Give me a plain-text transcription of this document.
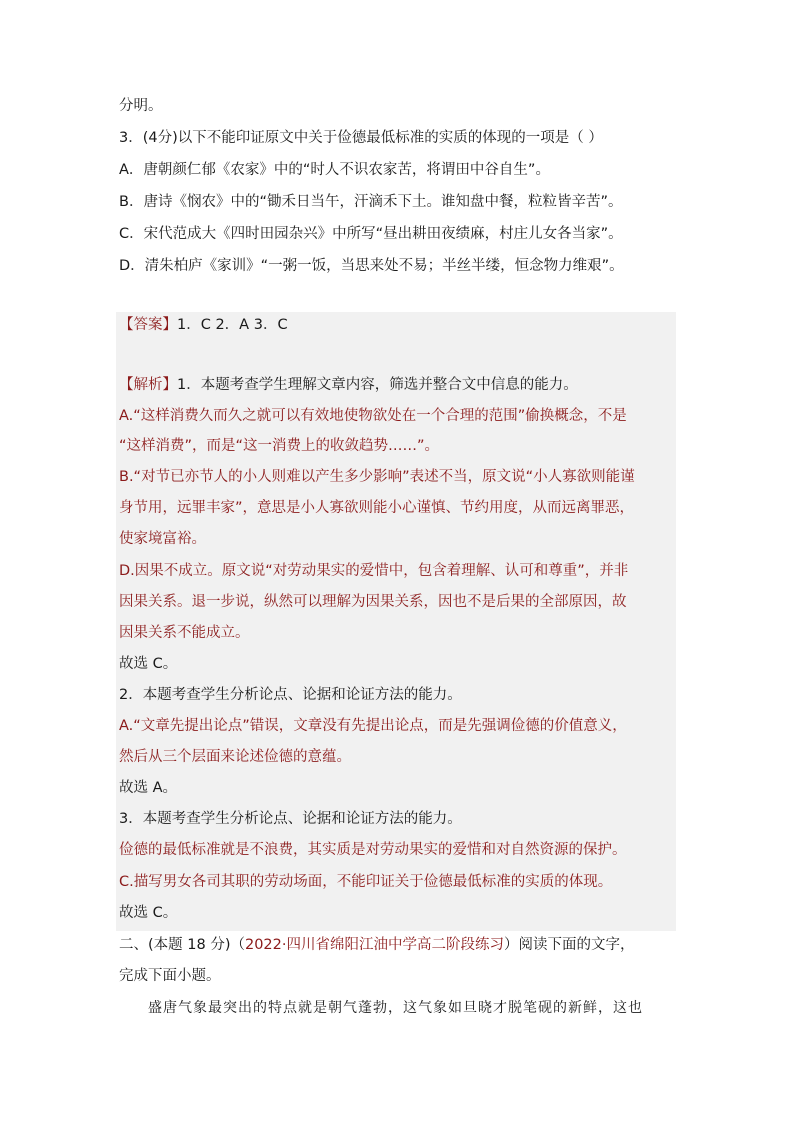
分明。
3．(4分)以下不能印证原文中关于俭德最低标准的实质的体现的一项是（ ）
A．唐朝颜仁郁《农家》中的“时人不识农家苦，将谓田中谷自生”。
B．唐诗《悯农》中的“锄禾日当午，汗滴禾下土。谁知盘中餐，粒粒皆辛苦”。
C．宋代范成大《四时田园杂兴》中所写“昼出耕田夜绩麻，村庄儿女各当家”。
D．清朱柏庐《家训》“一粥一饭，当思来处不易；半丝半缕，恒念物力维艰”。
【答案】1．C 2．A 3．C
【解析】1．本题考查学生理解文章内容，筛选并整合文中信息的能力。
A.“这样消费久而久之就可以有效地使物欲处在一个合理的范围”偷换概念，不是
“这样消费”，而是“这一消费上的收敛趋势……”。
B.“对节已亦节人的小人则难以产生多少影响”表述不当，原文说“小人寡欲则能谨
身节用，远罪丰家”，意思是小人寡欲则能小心谨慎、节约用度，从而远离罪恶，
使家境富裕。
D.因果不成立。原文说“对劳动果实的爱惜中，包含着理解、认可和尊重”，并非
因果关系。退一步说，纵然可以理解为因果关系，因也不是后果的全部原因，故
因果关系不能成立。
故选 C。
2．本题考查学生分析论点、论据和论证方法的能力。
A.“文章先提出论点”错误，文章没有先提出论点，而是先强调俭德的价值意义，
然后从三个层面来论述俭德的意蕴。
故选 A。
3．本题考查学生分析论点、论据和论证方法的能力。
俭德的最低标准就是不浪费，其实质是对劳动果实的爱惜和对自然资源的保护。
C.描写男女各司其职的劳动场面，不能印证关于俭德最低标准的实质的体现。
故选 C。
二、(本题 18 分)（2022·四川省绵阳江油中学高二阶段练习）阅读下面的文字，
完成下面小题。
盛唐气象最突出的特点就是朝气蓬勃，这气象如旦晓才脱笔砚的新鲜，这也
